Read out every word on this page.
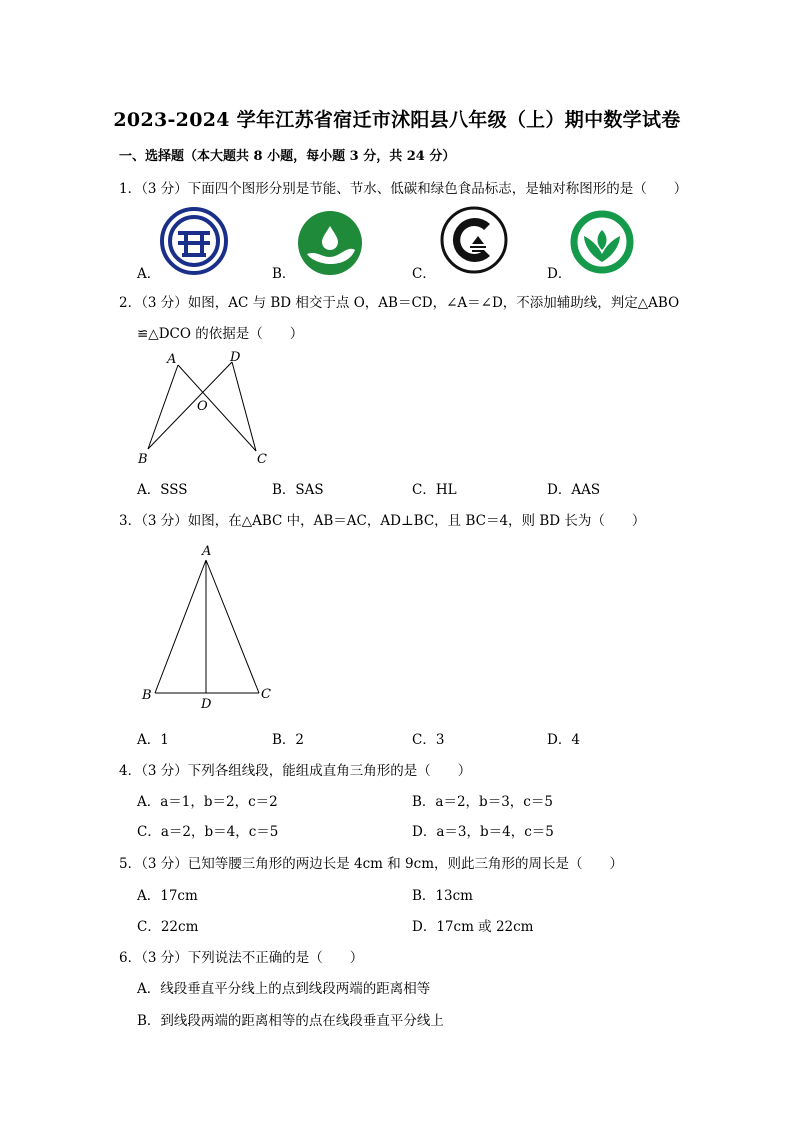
2023-2024 学年江苏省宿迁市沭阳县八年级（上）期中数学试卷
一、选择题（本大题共 8 小题，每小题 3 分，共 24 分）
1．（3 分）下面四个图形分别是节能、节水、低碳和绿色食品标志，是轴对称图形的是（　　）
A．	B．	C．	D．
2．（3 分）如图，AC 与 BD 相交于点 O，AB＝CD，∠A＝∠D，不添加辅助线，判定△ABO
≌△DCO 的依据是（　　）
A	D
O
B	C
A．SSS	B．SAS	C．HL	D．AAS
3．（3 分）如图，在△ABC 中，AB＝AC，AD⊥BC，且 BC＝4，则 BD 长为（　　）
A
B
D
C
A．1	B．2	C．3	D．4
4．（3 分）下列各组线段，能组成直角三角形的是（　　）
A．a＝1，b＝2，c＝2	B．a＝2，b＝3，c＝5
C．a＝2，b＝4，c＝5	D．a＝3，b＝4，c＝5
5．（3 分）已知等腰三角形的两边长是 4cm 和 9cm，则此三角形的周长是（　　）
A．17cm	B．13cm
C．22cm	D．17cm 或 22cm
6．（3 分）下列说法不正确的是（　　）
A．线段垂直平分线上的点到线段两端的距离相等
B．到线段两端的距离相等的点在线段垂直平分线上
